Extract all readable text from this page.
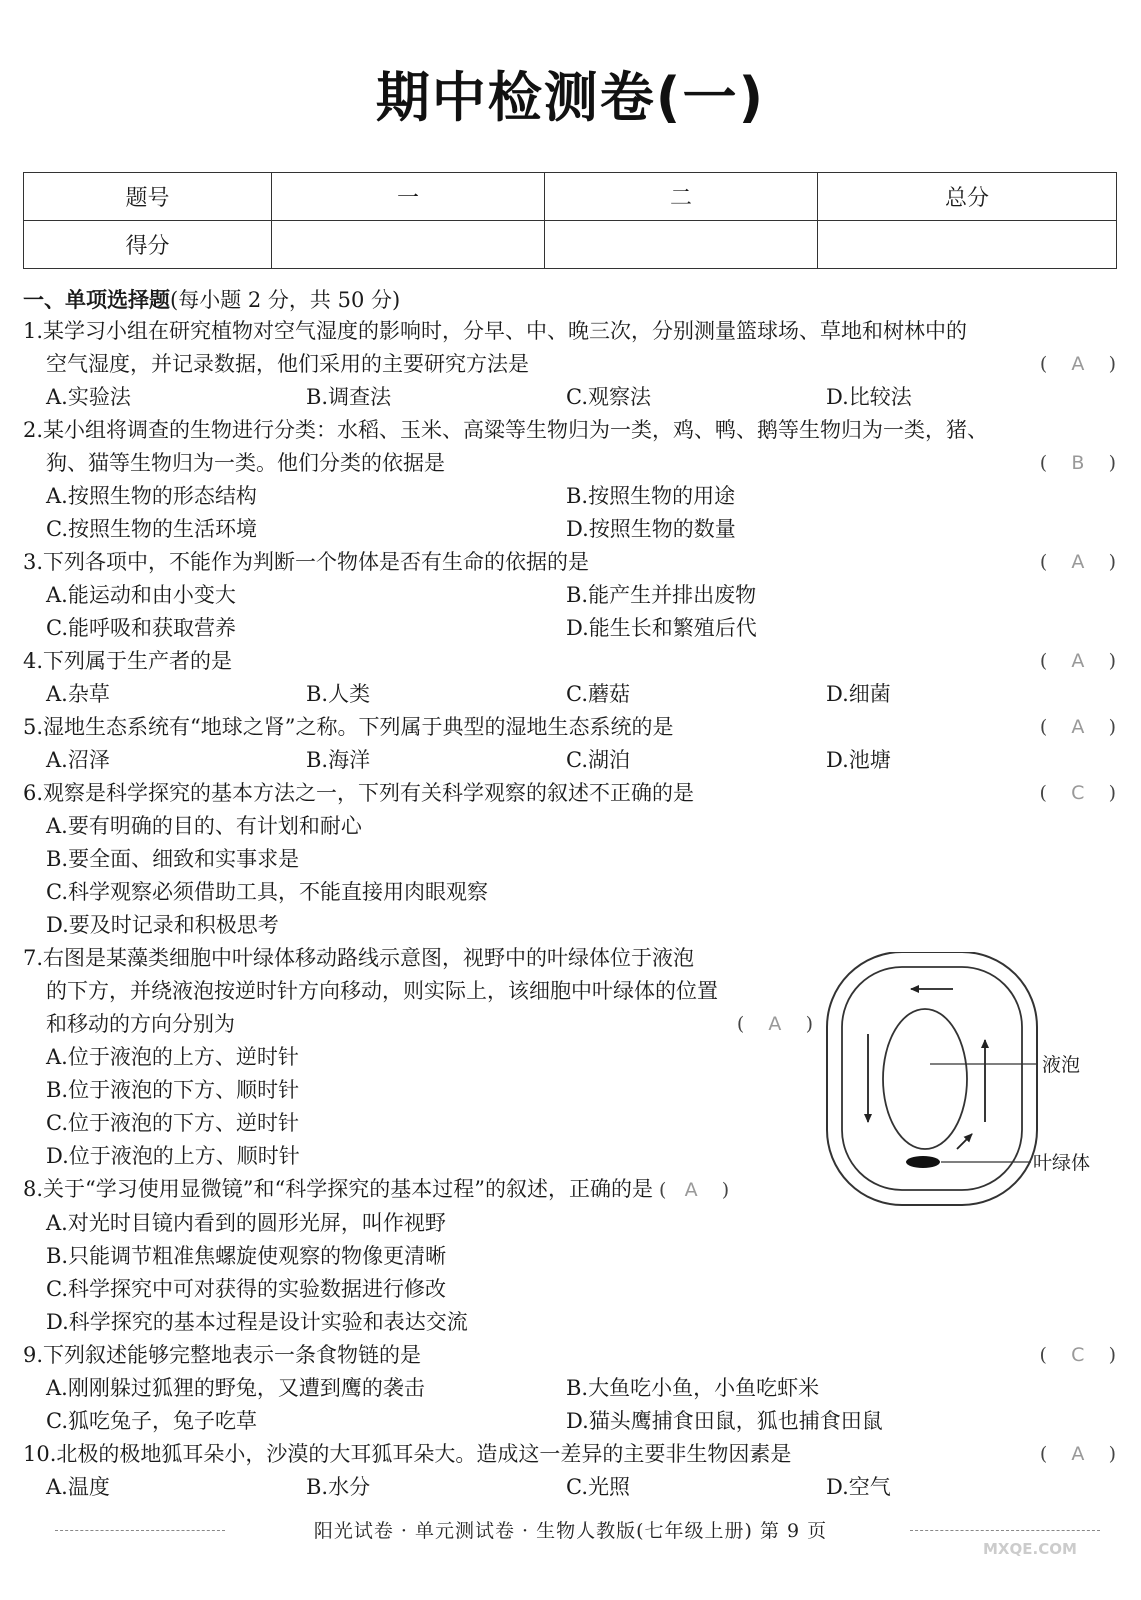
期中检测卷(一)
题号	一	二	总分
得分			
一、单项选择题(每小题 2 分，共 50 分)
1.某学习小组在研究植物对空气湿度的影响时，分早、中、晚三次，分别测量篮球场、草地和树林中的
空气湿度，并记录数据，他们采用的主要研究方法是	( A )
A.实验法	B.调查法	C.观察法	D.比较法
2.某小组将调查的生物进行分类：水稻、玉米、高粱等生物归为一类，鸡、鸭、鹅等生物归为一类，猪、
狗、猫等生物归为一类。他们分类的依据是	( B )
A.按照生物的形态结构	B.按照生物的用途
C.按照生物的生活环境	D.按照生物的数量
3.下列各项中，不能作为判断一个物体是否有生命的依据的是	( A )
A.能运动和由小变大	B.能产生并排出废物
C.能呼吸和获取营养	D.能生长和繁殖后代
4.下列属于生产者的是	( A )
A.杂草	B.人类	C.蘑菇	D.细菌
5.湿地生态系统有“地球之肾”之称。下列属于典型的湿地生态系统的是	( A )
A.沼泽	B.海洋	C.湖泊	D.池塘
6.观察是科学探究的基本方法之一，下列有关科学观察的叙述不正确的是	( C )
A.要有明确的目的、有计划和耐心
B.要全面、细致和实事求是
C.科学观察必须借助工具，不能直接用肉眼观察
D.要及时记录和积极思考
7.右图是某藻类细胞中叶绿体移动路线示意图，视野中的叶绿体位于液泡
的下方，并绕液泡按逆时针方向移动，则实际上，该细胞中叶绿体的位置
和移动的方向分别为	( A )
A.位于液泡的上方、逆时针
B.位于液泡的下方、顺时针
C.位于液泡的下方、逆时针
D.位于液泡的上方、顺时针
8.关于“学习使用显微镜”和“科学探究的基本过程”的叙述，正确的是 ( A )
A.对光时目镜内看到的圆形光屏，叫作视野
B.只能调节粗准焦螺旋使观察的物像更清晰
C.科学探究中可对获得的实验数据进行修改
D.科学探究的基本过程是设计实验和表达交流
9.下列叙述能够完整地表示一条食物链的是	( C )
A.刚刚躲过狐狸的野兔，又遭到鹰的袭击	B.大鱼吃小鱼，小鱼吃虾米
C.狐吃兔子，兔子吃草	D.猫头鹰捕食田鼠，狐也捕食田鼠
10.北极的极地狐耳朵小，沙漠的大耳狐耳朵大。造成这一差异的主要非生物因素是	( A )
A.温度	B.水分	C.光照	D.空气
液泡
叶绿体
阳光试卷 · 单元测试卷 · 生物人教版(七年级上册) 第 9 页
MXQE.COM
